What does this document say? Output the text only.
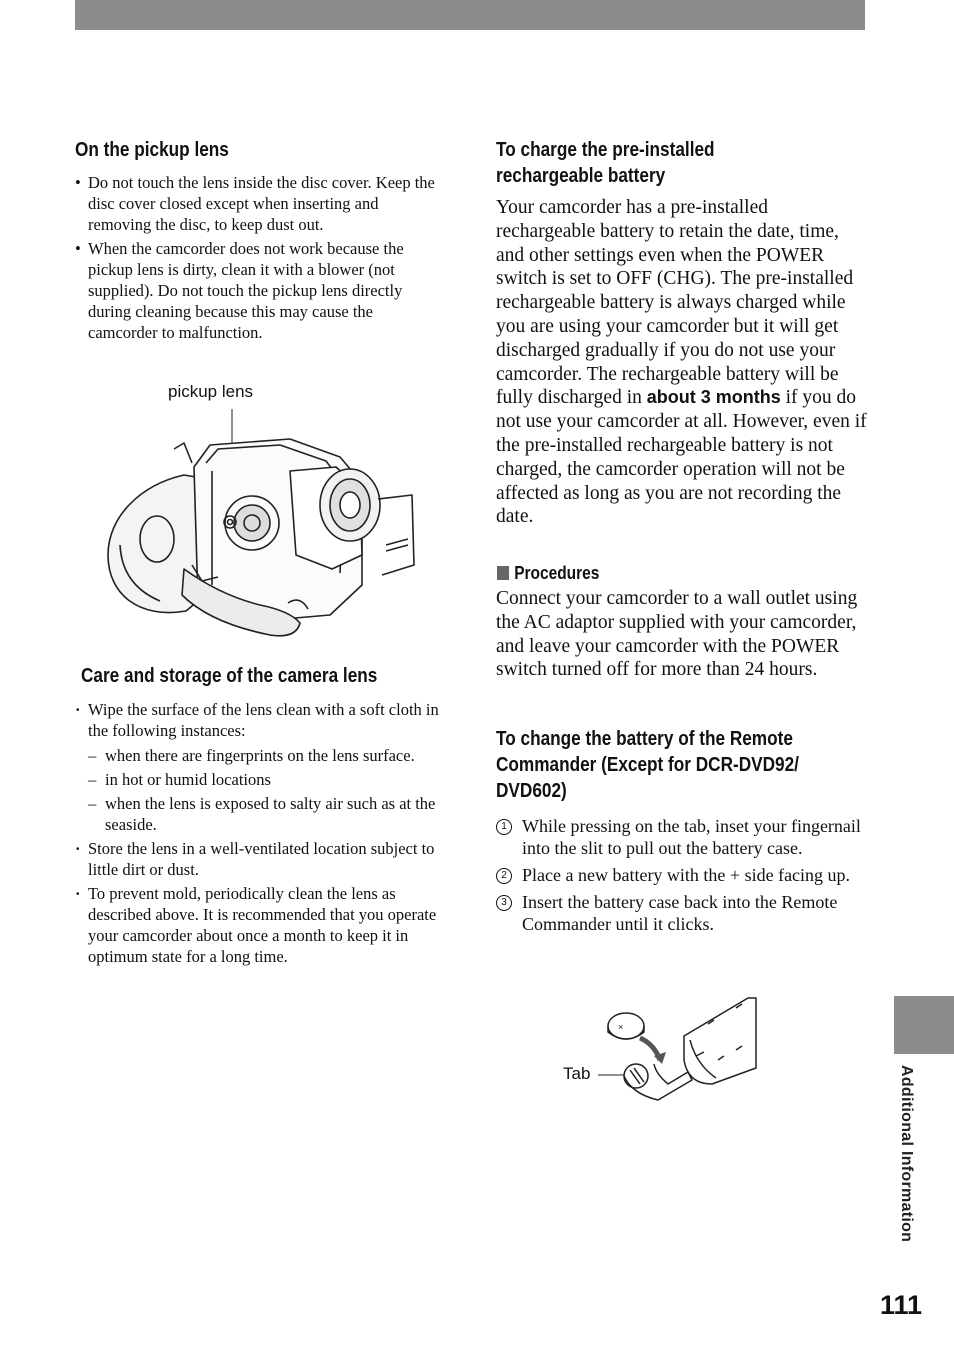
On the pickup lens
• Do not touch the lens inside the disc cover. Keep the disc cover closed except when inserting and removing the disc, to keep dust out.
• When the camcorder does not work because the pickup lens is dirty, clean it with a blower (not supplied). Do not touch the pickup lens directly during cleaning because this may cause the camcorder to malfunction.
pickup lens
Care and storage of the camera lens
· Wipe the surface of the lens clean with a soft cloth in the following instances:
– when there are fingerprints on the lens surface.
– in hot or humid locations
– when the lens is exposed to salty air such as at the seaside.
· Store the lens in a well-ventilated location subject to little dirt or dust.
· To prevent mold, periodically clean the lens as described above. It is recommended that you operate your camcorder about once a month to keep it in optimum state for a long time.
To charge the pre-installed
rechargeable battery

Your camcorder has a pre-installed rechargeable battery to retain the date, time, and other settings even when the POWER switch is set to OFF (CHG). The pre-installed rechargeable battery is always charged while you are using your camcorder but it will get discharged gradually if you do not use your camcorder. The rechargeable battery will be fully discharged in about 3 months if you do not use your camcorder at all. However, even if the pre-installed rechargeable battery is not charged, the camcorder operation will not be affected as long as you are not recording the date.

Procedures

Connect your camcorder to a wall outlet using the AC adaptor supplied with your camcorder, and leave your camcorder with the POWER switch turned off for more than 24 hours.

To change the battery of the Remote
Commander (Except for DCR-DVD92/
DVD602)
1 While pressing on the tab, inset your fingernail into the slit to pull out the battery case.
2 Place a new battery with the + side facing up.
3 Insert the battery case back into the Remote Commander until it clicks.
Tab
×
Additional Information
111
